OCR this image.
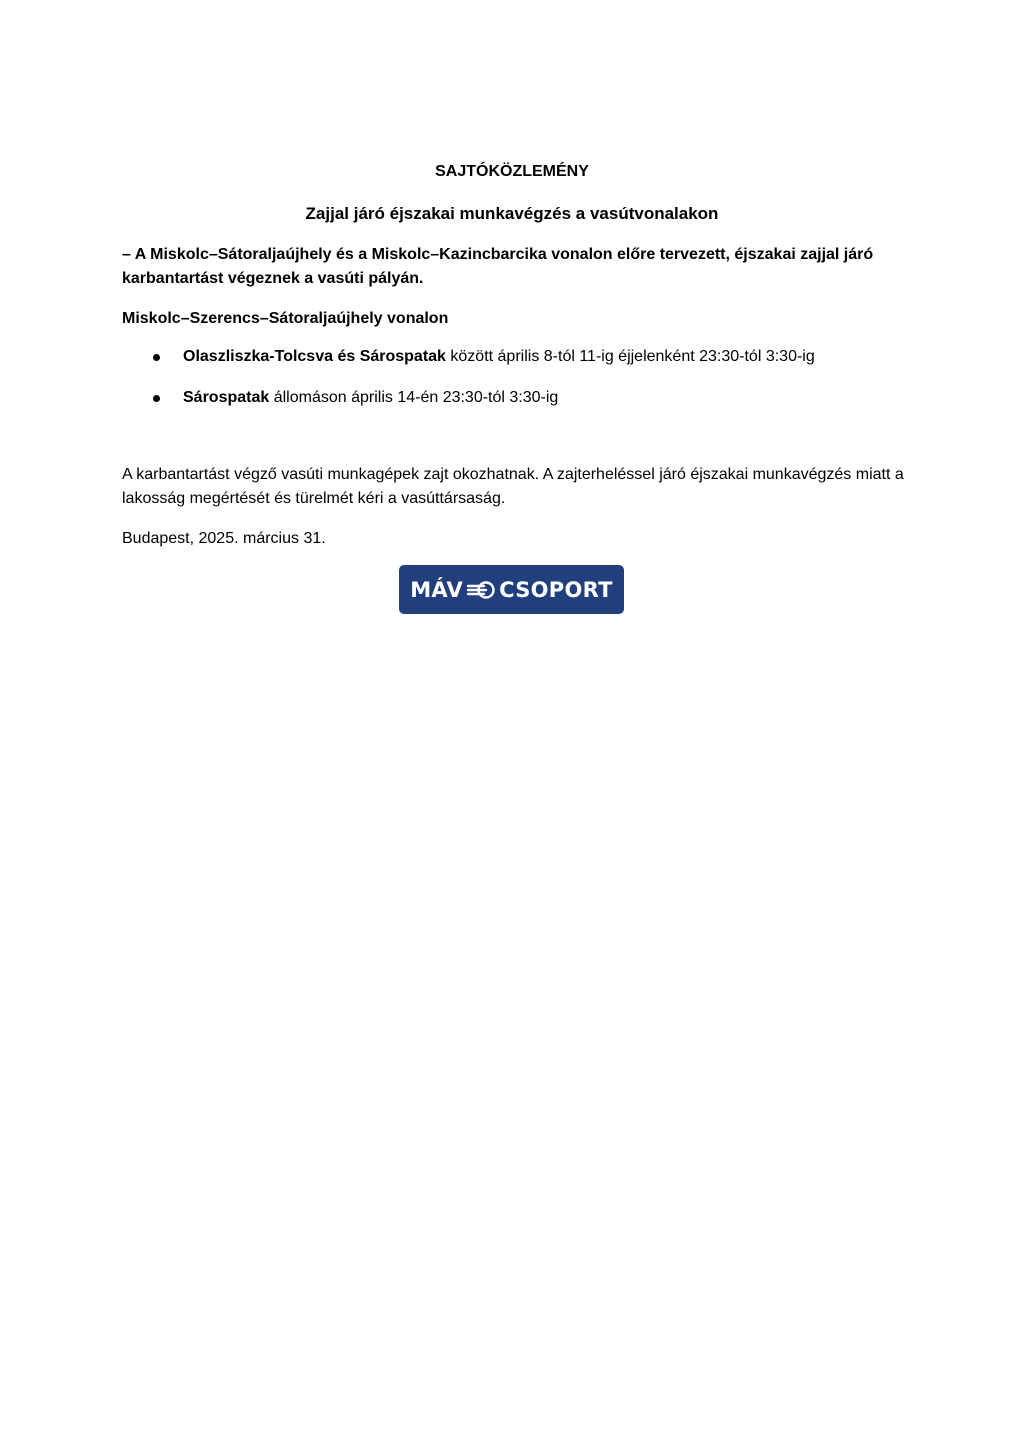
SAJTÓKÖZLEMÉNY

Zajjal járó éjszakai munkavégzés a vasútvonalakon

– A Miskolc–Sátoraljaújhely és a Miskolc–Kazincbarcika vonalon előre tervezett, éjszakai zajjal járó karbantartást végeznek a vasúti pályán.

Miskolc–Szerencs–Sátoraljaújhely vonalon

Olaszliszka-Tolcsva és Sárospatak között április 8-tól 11-ig éjjelenként 23:30-tól 3:30-ig
Sárospatak állomáson április 14-én 23:30-tól 3:30-ig

A karbantartást végző vasúti munkagépek zajt okozhatnak. A zajterheléssel járó éjszakai munkavégzés miatt a lakosság megértését és türelmét kéri a vasúttársaság.

Budapest, 2025. március 31.

MÁV CSOPORT
